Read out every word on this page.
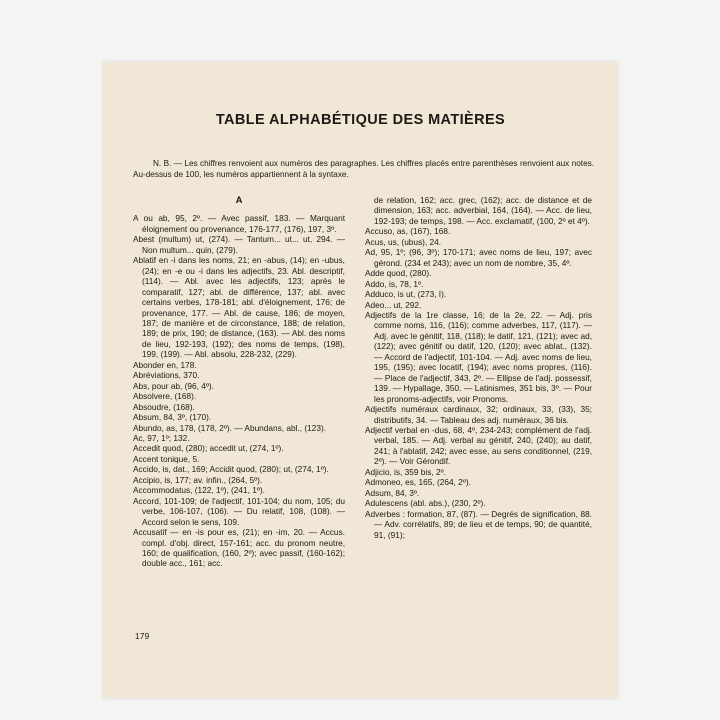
TABLE ALPHABÉTIQUE DES MATIÈRES
N. B. — Les chiffres renvoient aux numéros des paragraphes. Les chiffres placés entre parenthèses renvoient aux notes. Au-dessus de 100, les numéros appartiennent à la syntaxe.
A
A ou ab, 95, 2º. — Avec passif, 183. — Marquant éloignement ou provenance, 176-177, (176), 197, 3º.
Abest (multum) ut, (274). — Tantum... ut... ut, 294. — Non multum... quin, (279).
Ablatif en -i dans les noms, 21; en -abus, (14); en -ubus, (24); en -e ou -i dans les adjectifs, 23. Abl. descriptif, (114). — Abl. avec les adjectifs, 123; après le comparatif, 127; abl. de différence, 137; abl. avec certains verbes, 178-181; abl. d'éloignement, 176; de provenance, 177. — Abl. de cause, 186; de moyen, 187; de manière et de circonstance, 188; de relation, 189; de prix, 190; de distance, (163). — Abl. des noms de lieu, 192-193, (192); des noms de temps, (198), 199, (199). — Abl. absolu, 228-232, (229).
Abonder en, 178.
Abréviations, 370.
Abs, pour ab, (96, 4º).
Absolvere, (168).
Absoudre, (168).
Absum, 84, 3º, (170).
Abundo, as, 178, (178, 2º). — Abundans, abl., (123).
Ac, 97, 1º; 132.
Accedit quod, (280); accedit ut, (274, 1º).
Accent tonique, 5.
Accido, is, dat., 169; Accidit quod, (280); ut, (274, 1º).
Accipio, is, 177; av. infin., (264, 5º).
Accommodatus, (122, 1º), (241, 1º).
Accord, 101-109; de l'adjectif, 101-104; du nom, 105; du verbe, 106-107, (106). — Du relatif, 108, (108). — Accord selon le sens, 109.
Accusatif — en -is pour es, (21); en -im, 20. — Accus. compl. d'obj. direct, 157-161; acc. du pronom neutre, 160; de qualification, (160, 2º); avec passif, (160-162); double acc., 161; acc.
de relation, 162; acc. grec, (162); acc. de distance et de dimension, 163; acc. adverbial, 164, (164). — Acc. de lieu, 192-193; de temps, 198. — Acc. exclamatif, (100, 2º et 4º).
Accuso, as, (167), 168.
Acus, us, (ubus), 24.
Ad, 95, 1º; (96, 3º); 170-171; avec noms de lieu, 197; avec gérond. (234 et 243); avec un nom de nombre, 35, 4º.
Adde quod, (280).
Addo, is, 78, 1º.
Adduco, is ut, (273, I).
Adeo... ut, 292.
Adjectifs de la 1re classe, 16; de la 2e, 22. — Adj. pris comme noms, 116, (116); comme adverbes, 117, (117). — Adj. avec le génitif, 118, (118); le datif, 121, (121); avec ad, (122); avec génitif ou datif, 120, (120); avec ablat., (132). — Accord de l'adjectif, 101-104. — Adj. avec noms de lieu, 195, (195); avec locatif, (194); avec noms propres, (116). — Place de l'adjectif, 343, 2º. — Ellipse de l'adj. possessif, 139. — Hypallage, 350. — Latinismes, 351 bis, 3º. — Pour les pronoms-adjectifs, voir Pronoms.
Adjectifs numéraux cardinaux, 32; ordinaux, 33, (33), 35; distributifs, 34. — Tableau des adj. numéraux, 36 bis.
Adjectif verbal en -dus, 68, 4º, 234-243; complément de l'adj. verbal, 185. — Adj. verbal au génitif, 240, (240); au datif, 241; à l'ablatif, 242; avec esse, au sens conditionnel, (219, 2º). — Voir Gérondif.
Adjicio, is, 359 bis, 2º.
Admoneo, es, 165, (264, 2º).
Adsum, 84, 3º.
Adulescens (abl. abs.), (230, 2º).
Adverbes : formation, 87, (87). — Degrés de signification, 88. — Adv. corrélatifs, 89; de lieu et de temps, 90; de quantité, 91, (91);
179
